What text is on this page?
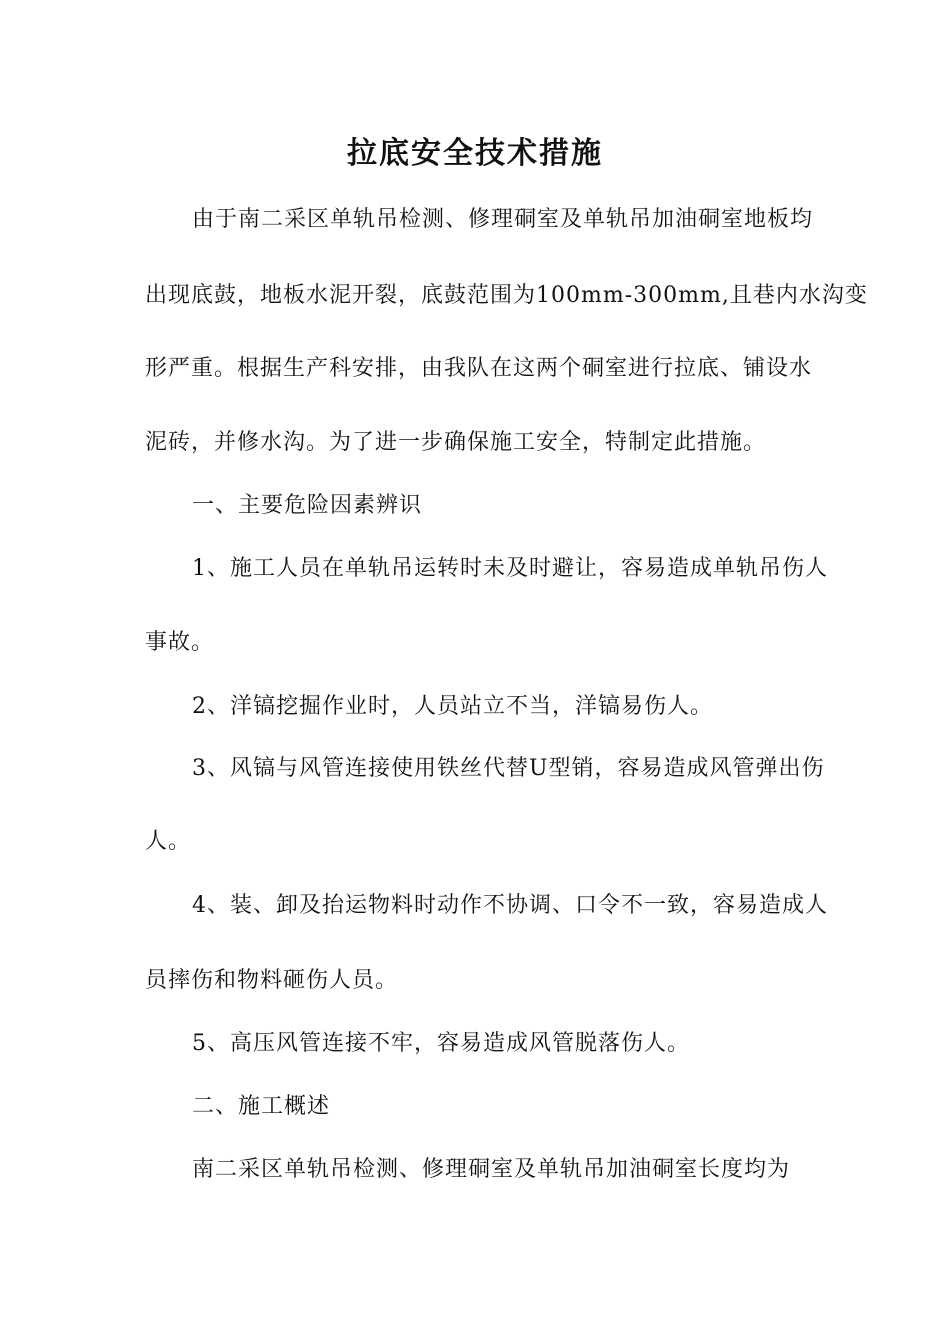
拉底安全技术措施
由于南二采区单轨吊检测、修理硐室及单轨吊加油硐室地板均
出现底鼓，地板水泥开裂，底鼓范围为100mm-300mm,且巷内水沟变
形严重。根据生产科安排，由我队在这两个硐室进行拉底、铺设水
泥砖，并修水沟。为了进一步确保施工安全，特制定此措施。
一、主要危险因素辨识
1、施工人员在单轨吊运转时未及时避让，容易造成单轨吊伤人
事故。
2、洋镐挖掘作业时，人员站立不当，洋镐易伤人。
3、风镐与风管连接使用铁丝代替U型销，容易造成风管弹出伤
人。
4、装、卸及抬运物料时动作不协调、口令不一致，容易造成人
员摔伤和物料砸伤人员。
5、高压风管连接不牢，容易造成风管脱落伤人。
二、施工概述
南二采区单轨吊检测、修理硐室及单轨吊加油硐室长度均为
